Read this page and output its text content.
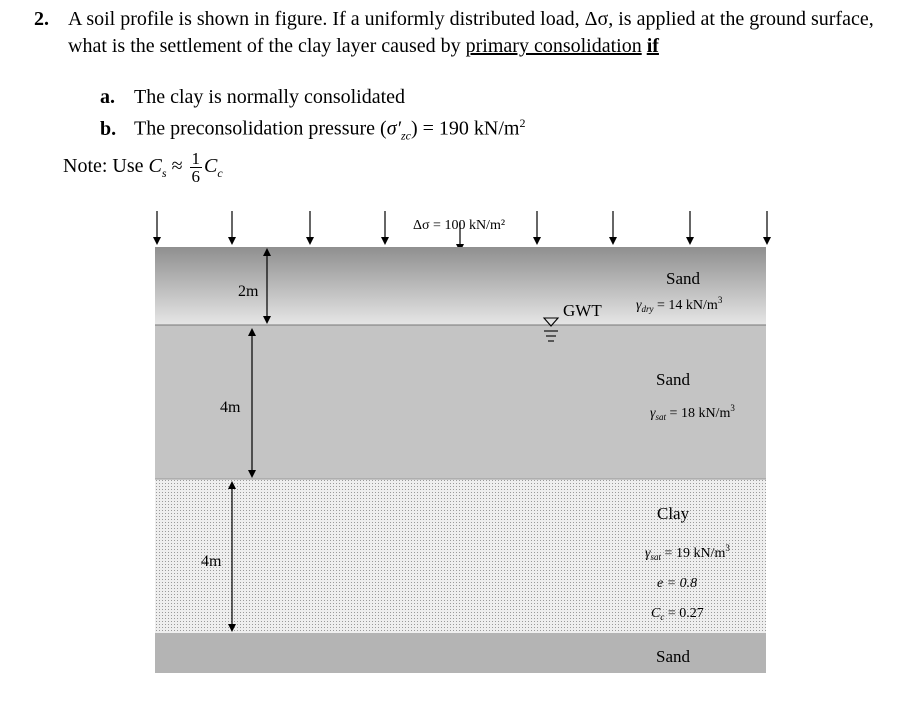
2. A soil profile is shown in figure. If a uniformly distributed load, Δσ, is applied at the ground surface, what is the settlement of the clay layer caused by primary consolidation if
a. The clay is normally consolidated
b. The preconsolidation pressure $(\sigma'_{zc}) = 190$ $kN/m^2$
Note: Use $C_s \approx \frac{1}{6} C_c$
Δσ = 100 kN/m²
2m
4m
4m
GWT
Sand
$\gamma_{dry} = 14$ $kN/m^3$
Sand
$\gamma_{sat} = 18$ $kN/m^3$
Clay
$\gamma_{sat} = 19$ $kN/m^3$
e = 0.8
$C_c = 0.27$
Sand
